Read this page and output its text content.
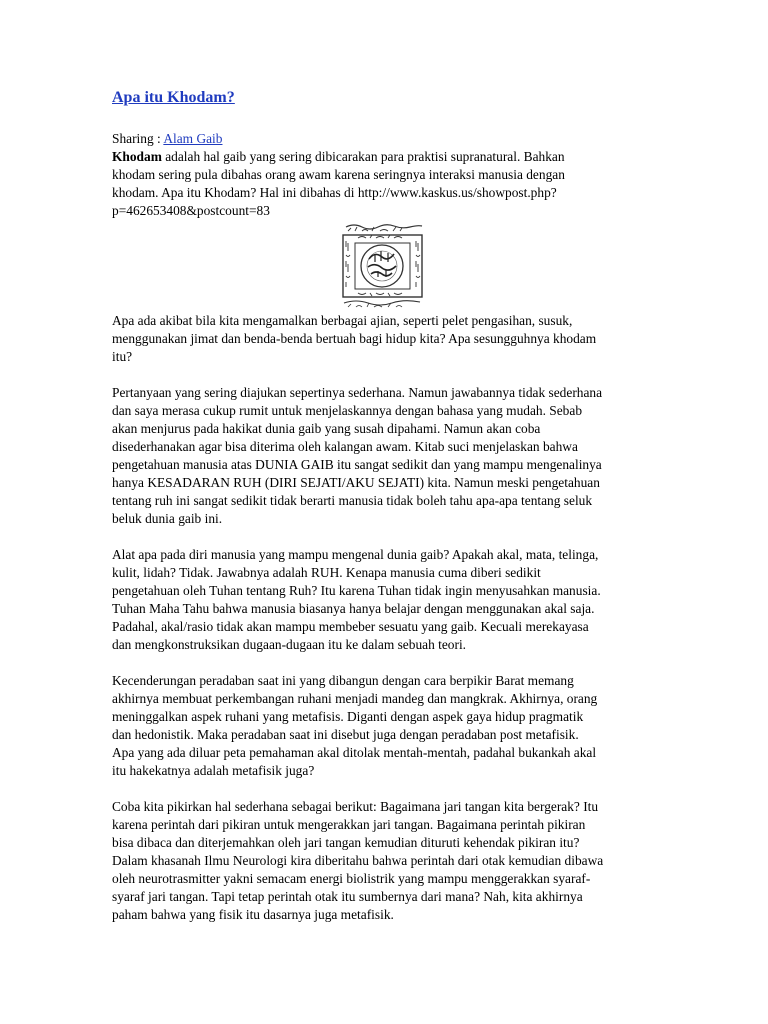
Apa itu Khodam?

Sharing : Alam Gaib

Khodam adalah hal gaib yang sering dibicarakan para praktisi supranatural. Bahkan
khodam sering pula dibahas orang awam karena seringnya interaksi manusia dengan
khodam. Apa itu Khodam? Hal ini dibahas di http://www.kaskus.us/showpost.php?
p=462653408&postcount=83

Apa ada akibat bila kita mengamalkan berbagai ajian, seperti pelet pengasihan, susuk,
menggunakan jimat dan benda-benda bertuah bagi hidup kita? Apa sesungguhnya khodam
itu?

Pertanyaan yang sering diajukan sepertinya sederhana. Namun jawabannya tidak sederhana
dan saya merasa cukup rumit untuk menjelaskannya dengan bahasa yang mudah. Sebab
akan menjurus pada hakikat dunia gaib yang susah dipahami. Namun akan coba
disederhanakan agar bisa diterima oleh kalangan awam. Kitab suci menjelaskan bahwa
pengetahuan manusia atas DUNIA GAIB itu sangat sedikit dan yang mampu mengenalinya
hanya KESADARAN RUH (DIRI SEJATI/AKU SEJATI) kita. Namun meski pengetahuan
tentang ruh ini sangat sedikit tidak berarti manusia tidak boleh tahu apa-apa tentang seluk
beluk dunia gaib ini.

Alat apa pada diri manusia yang mampu mengenal dunia gaib? Apakah akal, mata, telinga,
kulit, lidah? Tidak. Jawabnya adalah RUH. Kenapa manusia cuma diberi sedikit
pengetahuan oleh Tuhan tentang Ruh? Itu karena Tuhan tidak ingin menyusahkan manusia.
Tuhan Maha Tahu bahwa manusia biasanya hanya belajar dengan menggunakan akal saja.
Padahal, akal/rasio tidak akan mampu membeber sesuatu yang gaib. Kecuali merekayasa
dan mengkonstruksikan dugaan-dugaan itu ke dalam sebuah teori.

Kecenderungan peradaban saat ini yang dibangun dengan cara berpikir Barat memang
akhirnya membuat perkembangan ruhani menjadi mandeg dan mangkrak. Akhirnya, orang
meninggalkan aspek ruhani yang metafisis. Diganti dengan aspek gaya hidup pragmatik
dan hedonistik. Maka peradaban saat ini disebut juga dengan peradaban post metafisik.
Apa yang ada diluar peta pemahaman akal ditolak mentah-mentah, padahal bukankah akal
itu hakekatnya adalah metafisik juga?

Coba kita pikirkan hal sederhana sebagai berikut: Bagaimana jari tangan kita bergerak? Itu
karena perintah dari pikiran untuk mengerakkan jari tangan. Bagaimana perintah pikiran
bisa dibaca dan diterjemahkan oleh jari tangan kemudian dituruti kehendak pikiran itu?
Dalam khasanah Ilmu Neurologi kira diberitahu bahwa perintah dari otak kemudian dibawa
oleh neurotrasmitter yakni semacam energi biolistrik yang mampu menggerakkan syaraf-
syaraf jari tangan. Tapi tetap perintah otak itu sumbernya dari mana? Nah, kita akhirnya
paham bahwa yang fisik itu dasarnya juga metafisik.
